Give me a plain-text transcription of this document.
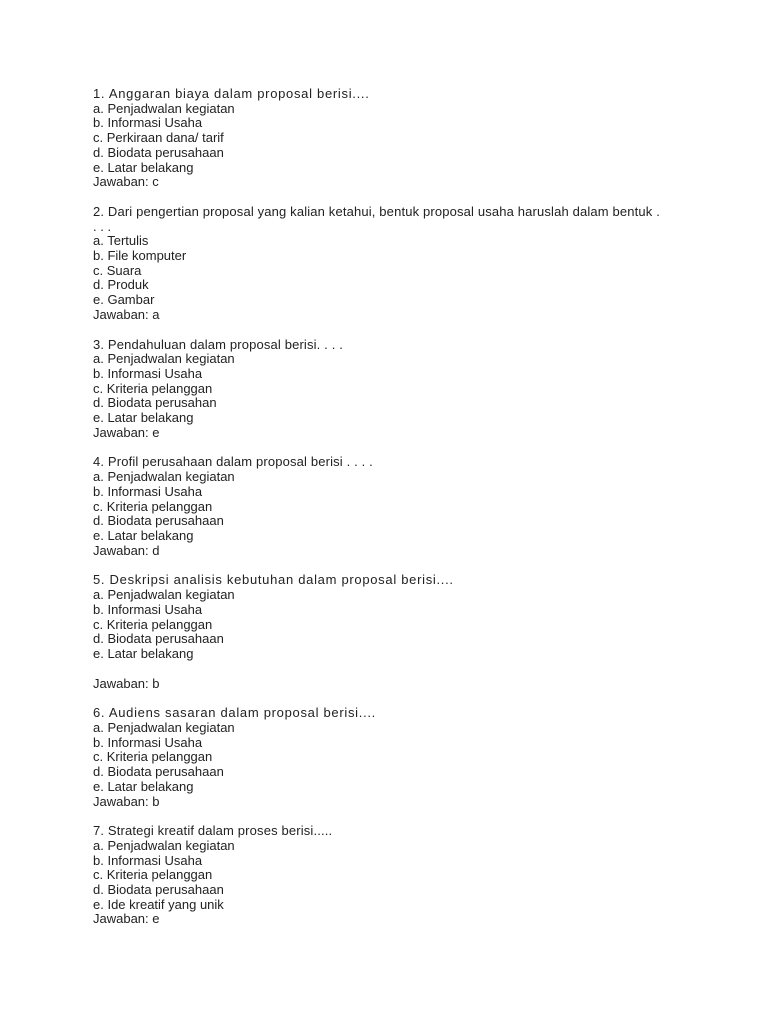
1. Anggaran biaya dalam proposal berisi....
a. Penjadwalan kegiatan
b. Informasi Usaha
c. Perkiraan dana/ tarif
d. Biodata perusahaan
e. Latar belakang
Jawaban: c
2. Dari pengertian proposal yang kalian ketahui, bentuk proposal usaha haruslah dalam bentuk .
. . .
a. Tertulis
b. File komputer
c. Suara
d. Produk
e. Gambar
Jawaban: a
3. Pendahuluan dalam proposal berisi. . . .
a. Penjadwalan kegiatan
b. Informasi Usaha
c. Kriteria pelanggan
d. Biodata perusahan
e. Latar belakang
Jawaban: e
4. Profil perusahaan dalam proposal berisi . . . .
a. Penjadwalan kegiatan
b. Informasi Usaha
c. Kriteria pelanggan
d. Biodata perusahaan
e. Latar belakang
Jawaban: d
5. Deskripsi analisis kebutuhan dalam proposal berisi....
a. Penjadwalan kegiatan
b. Informasi Usaha
c. Kriteria pelanggan
d. Biodata perusahaan
e. Latar belakang
Jawaban: b
6. Audiens sasaran dalam proposal berisi....
a. Penjadwalan kegiatan
b. Informasi Usaha
c. Kriteria pelanggan
d. Biodata perusahaan
e. Latar belakang
Jawaban: b
7. Strategi kreatif dalam proses berisi.....
a. Penjadwalan kegiatan
b. Informasi Usaha
c. Kriteria pelanggan
d. Biodata perusahaan
e. Ide kreatif yang unik
Jawaban: e
